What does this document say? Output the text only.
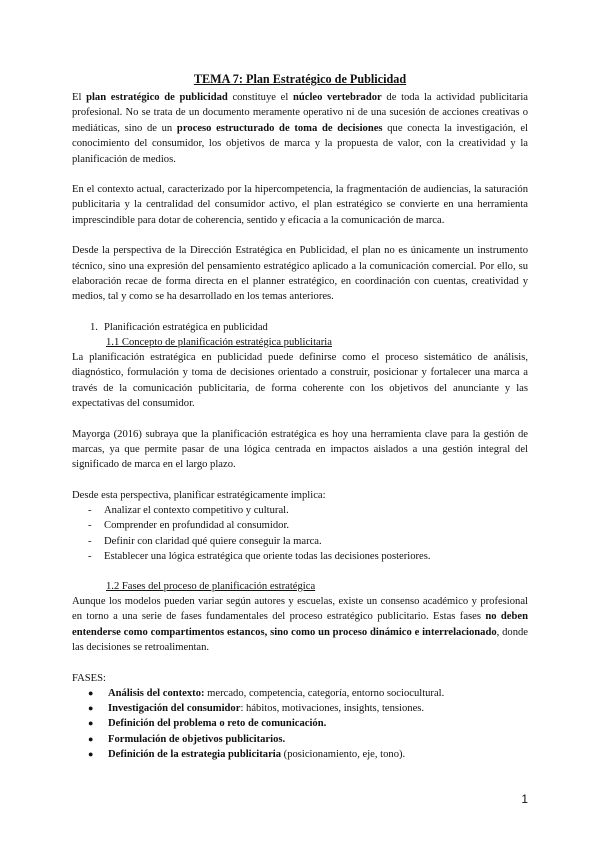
TEMA 7: Plan Estratégico de Publicidad

El plan estratégico de publicidad constituye el núcleo vertebrador de toda la actividad publicitaria profesional. No se trata de un documento meramente operativo ni de una sucesión de acciones creativas o mediáticas, sino de un proceso estructurado de toma de decisiones que conecta la investigación, el conocimiento del consumidor, los objetivos de marca y la propuesta de valor, con la creatividad y la planificación de medios.

En el contexto actual, caracterizado por la hipercompetencia, la fragmentación de audiencias, la saturación publicitaria y la centralidad del consumidor activo, el plan estratégico se convierte en una herramienta imprescindible para dotar de coherencia, sentido y eficacia a la comunicación de marca.

Desde la perspectiva de la Dirección Estratégica en Publicidad, el plan no es únicamente un instrumento técnico, sino una expresión del pensamiento estratégico aplicado a la comunicación comercial. Por ello, su elaboración recae de forma directa en el planner estratégico, en coordinación con cuentas, creatividad y medios, tal y como se ha desarrollado en los temas anteriores.

1. Planificación estratégica en publicidad
1.1 Concepto de planificación estratégica publicitaria

La planificación estratégica en publicidad puede definirse como el proceso sistemático de análisis, diagnóstico, formulación y toma de decisiones orientado a construir, posicionar y fortalecer una marca a través de la comunicación publicitaria, de forma coherente con los objetivos del anunciante y las expectativas del consumidor.

Mayorga (2016) subraya que la planificación estratégica es hoy una herramienta clave para la gestión de marcas, ya que permite pasar de una lógica centrada en impactos aislados a una gestión integral del significado de marca en el largo plazo.

Desde esta perspectiva, planificar estratégicamente implica:

- Analizar el contexto competitivo y cultural.
- Comprender en profundidad al consumidor.
- Definir con claridad qué quiere conseguir la marca.
- Establecer una lógica estratégica que oriente todas las decisiones posteriores.
1.2 Fases del proceso de planificación estratégica

Aunque los modelos pueden variar según autores y escuelas, existe un consenso académico y profesional en torno a una serie de fases fundamentales del proceso estratégico publicitario. Estas fases no deben entenderse como compartimentos estancos, sino como un proceso dinámico e interrelacionado, donde las decisiones se retroalimentan.

FASES:
● Análisis del contexto: mercado, competencia, categoría, entorno sociocultural.
● Investigación del consumidor: hábitos, motivaciones, insights, tensiones.
● Definición del problema o reto de comunicación.
● Formulación de objetivos publicitarios.
● Definición de la estrategia publicitaria (posicionamiento, eje, tono).
1
